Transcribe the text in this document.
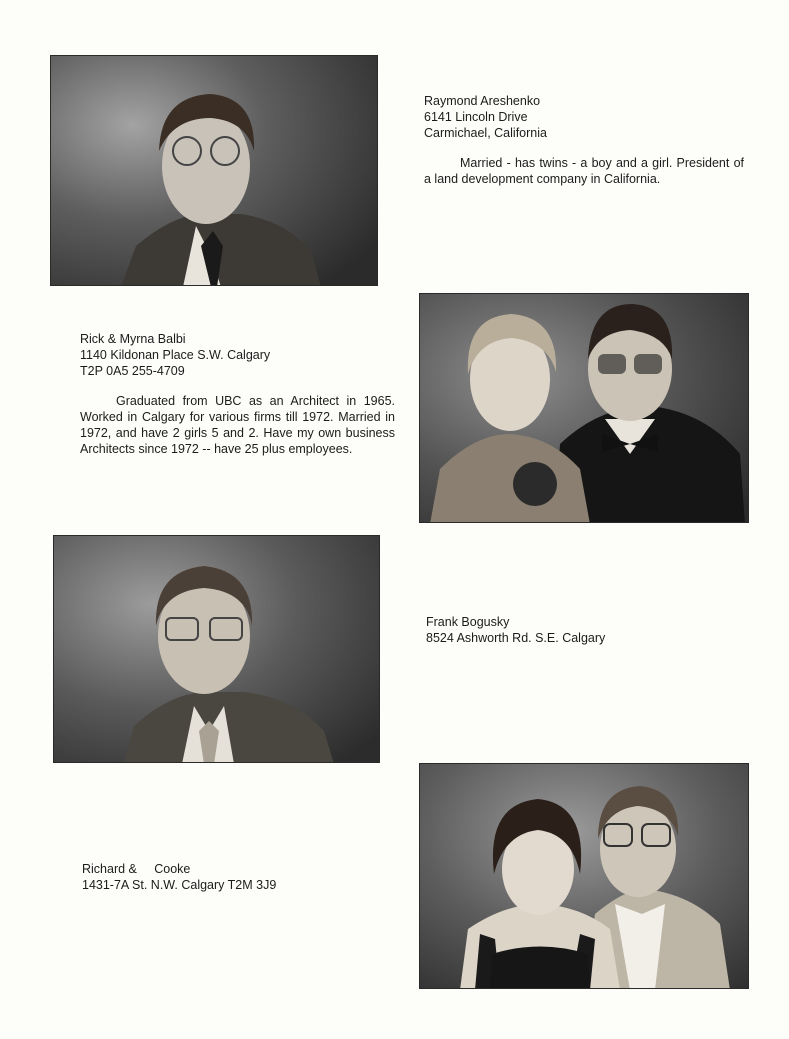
Raymond Areshenko
6141 Lincoln Drive
Carmichael, California
Married - has twins - a boy and a girl. President of a land development company in California.
Rick & Myrna Balbi
1140 Kildonan Place S.W. Calgary
T2P 0A5 255-4709
Graduated from UBC as an Architect in 1965. Worked in Calgary for various firms till 1972. Married in 1972, and have 2 girls 5 and 2. Have my own business Architects since 1972 -- have 25 plus employees.
Frank Bogusky
8524 Ashworth Rd. S.E. Calgary
Richard &     Cooke
1431-7A St. N.W. Calgary T2M 3J9
